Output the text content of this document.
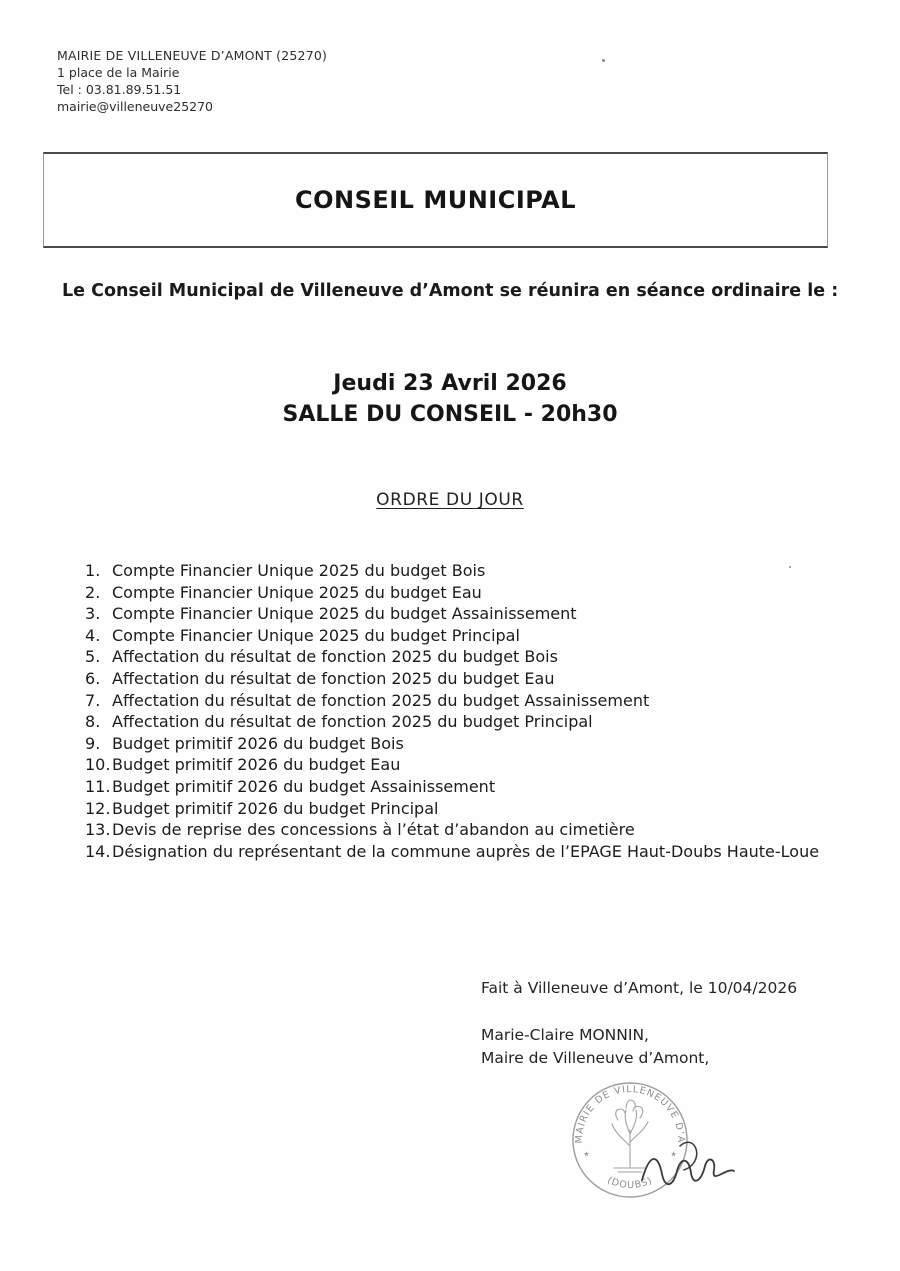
MAIRIE DE VILLENEUVE D’AMONT (25270)
1 place de la Mairie
Tel : 03.81.89.51.51
mairie@villeneuve25270
CONSEIL MUNICIPAL
Le Conseil Municipal de Villeneuve d’Amont se réunira en séance ordinaire le :
Jeudi 23 Avril 2026
SALLE DU CONSEIL - 20h30
ORDRE DU JOUR
Compte Financier Unique 2025 du budget Bois
Compte Financier Unique 2025 du budget Eau
Compte Financier Unique 2025 du budget Assainissement
Compte Financier Unique 2025 du budget Principal
Affectation du résultat de fonction 2025 du budget Bois
Affectation du résultat de fonction 2025 du budget Eau
Affectation du résultat de fonction 2025 du budget Assainissement
Affectation du résultat de fonction 2025 du budget Principal
Budget primitif 2026 du budget Bois
Budget primitif 2026 du budget Eau
Budget primitif 2026 du budget Assainissement
Budget primitif 2026 du budget Principal
Devis de reprise des concessions à l’état d’abandon au cimetière
Désignation du représentant de la commune auprès de l’EPAGE Haut-Doubs Haute-Loue
Fait à Villeneuve d’Amont, le 10/04/2026
Marie-Claire MONNIN,
Maire de Villeneuve d’Amont,
MAIRIE DE VILLENEUVE D’A
(DOUBS)
★	★
